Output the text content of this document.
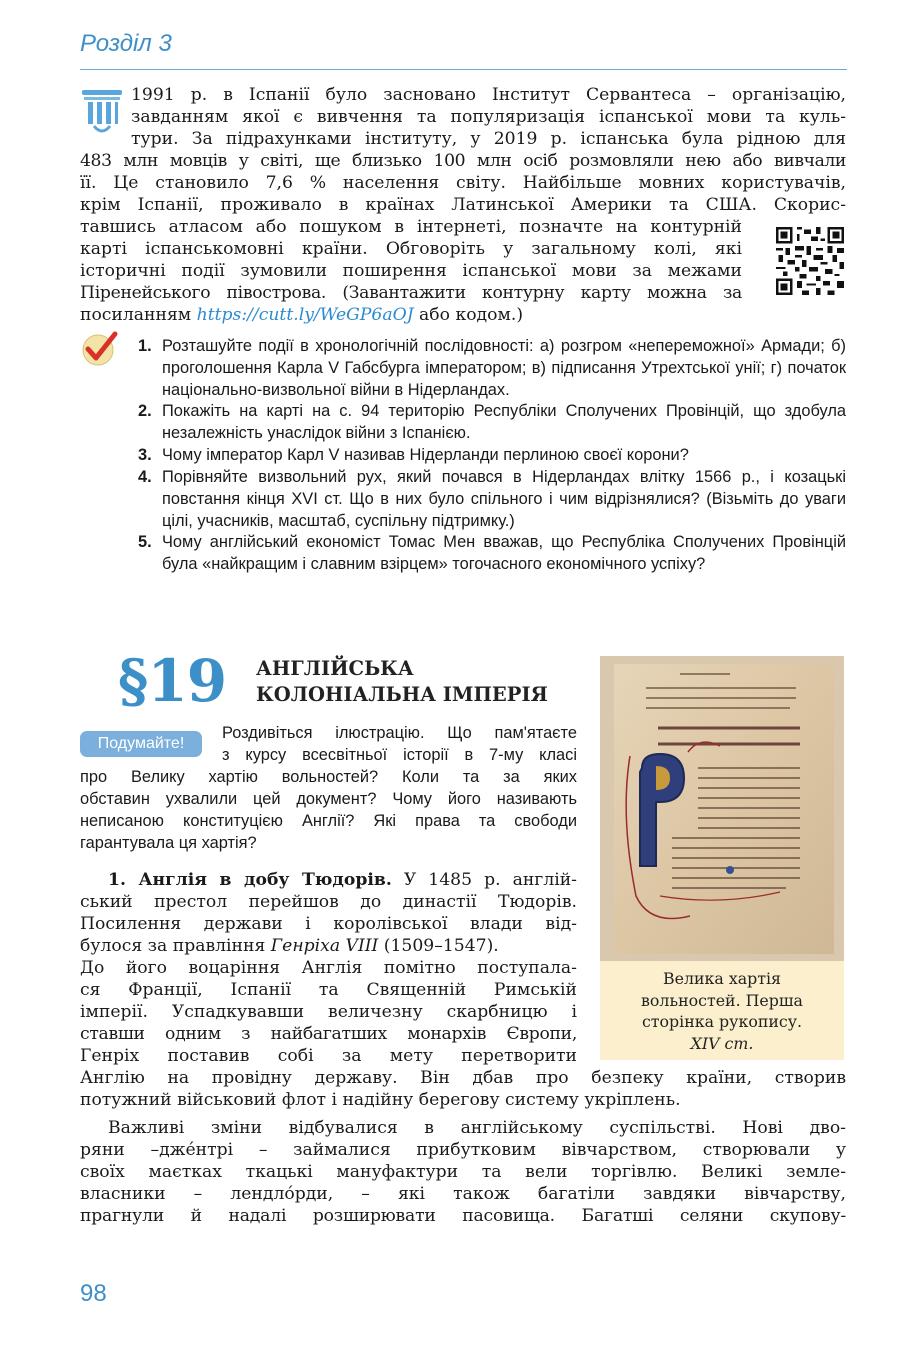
Розділ 3

1991 р. в Іспанії було засновано Інститут Сервантеса – організацію,

завданням якої є вивчення та популяризація іспанської мови та куль-

тури. За підрахунками інституту, у 2019 р. іспанська була рідною для

483 млн мовців у світі, ще близько 100 млн осіб розмовляли нею або вивчали

її. Це становило 7,6 % населення світу. Найбільше мовних користувачів,

крім Іспанії, проживало в країнах Латинської Америки та США. Скорис-

тавшись атласом або пошуком в інтернеті, позначте на контурній

карті іспанськомовні країни. Обговоріть у загальному колі, які

історичні події зумовили поширення іспанської мови за межами

Піренейського півострова. (Завантажити контурну карту можна за

посиланням https://cutt.ly/WeGP6aOJ або кодом.)

1. Розташуйте події в хронологічній послідовності: а) розгром «непереможної» Армади; б) проголошення Карла V Габсбурга імператором; в) підписання Утрехтської унії; г) початок національно-визвольної війни в Нідерландах.
2. Покажіть на карті на с. 94 територію Республіки Сполучених Провінцій, що здобула незалежність унаслідок війни з Іспанією.
3. Чому імператор Карл V називав Нідерланди перлиною своєї корони?
4. Порівняйте визвольний рух, який почався в Нідерландах влітку 1566 р., і козацькі повстання кінця XVI ст. Що в них було спільного і чим відрізнялися? (Візьміть до уваги цілі, учасників, масштаб, суспільну підтримку.)
5. Чому англійський економіст Томас Мен вважав, що Республіка Сполучених Провінцій була «найкращим і славним взірцем» тогочасного економічного успіху?
§19 АНГЛІЙСЬКА
КОЛОНІАЛЬНА ІМПЕРІЯ
Подумайте!
Роздивіться ілюстрацію. Що пам'ятаєте
з курсу всесвітньої історії в 7-му класі
про Велику хартію вольностей? Коли та за яких
обставин ухвалили цей документ? Чому його називають
неписаною конституцією Англії? Які права та свободи
гарантувала ця хартія?
1. Англія в добу Тюдорів. У 1485 р. англій-
ський престол перейшов до династії Тюдорів.
Посилення держави і королівської влади від-
булося за правління Генріха VIII (1509–1547).
До його воцаріння Англія помітно поступала-
ся Франції, Іспанії та Священній Римській
імперії. Успадкувавши величезну скарбницю і
ставши одним з найбагатших монархів Європи,
Генріх поставив собі за мету перетворити
Англію на провідну державу. Він дбав про безпеку країни, створив
потужний військовий флот і надійну берегову систему укріплень.
Важливі зміни відбувалися в англійському суспільстві. Нові дво-
ряни –дже́нтрі – займалися прибутковим вівчарством, створювали у
своїх маєтках ткацькі мануфактури та вели торгівлю. Великі земле-
власники – лендло́рди, – які також багатіли завдяки вівчарству,
прагнули й надалі розширювати пасовища. Багатші селяни скупову-
Велика хартія
вольностей. Перша
сторінка рукопису.
XIV ст.
98
